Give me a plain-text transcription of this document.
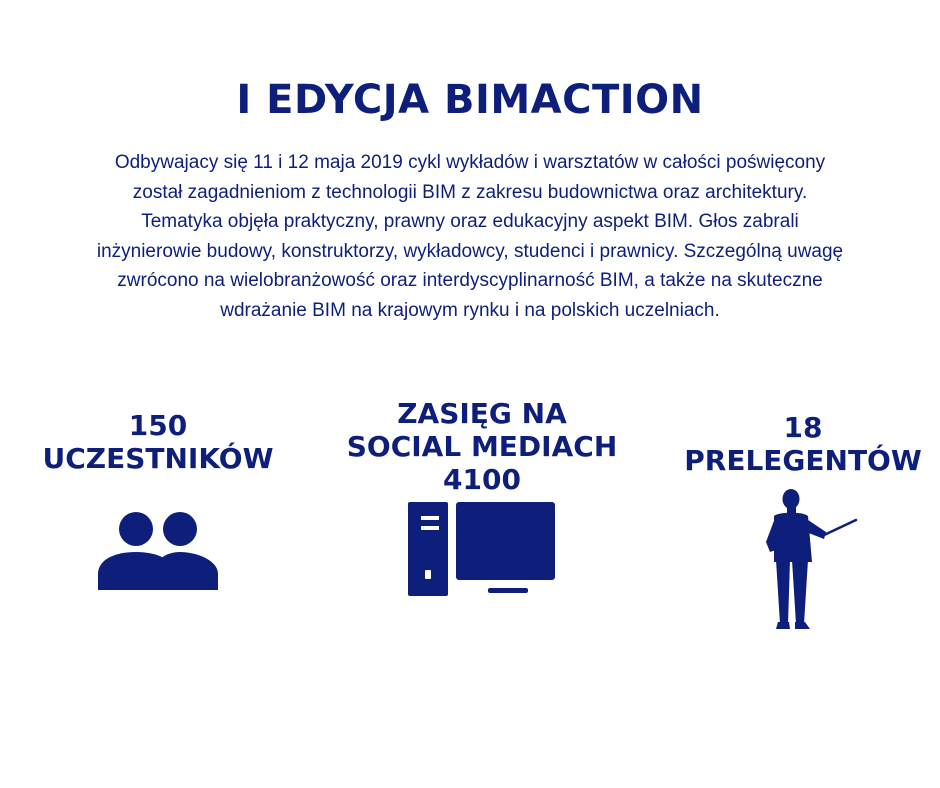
I EDYCJA BIMACTION
Odbywajacy się 11 i 12 maja 2019 cykl wykładów i warsztatów w całości poświęcony został zagadnieniom z technologii BIM z zakresu budownictwa oraz architektury. Tematyka objęła praktyczny, prawny oraz edukacyjny aspekt BIM. Głos zabrali inżynierowie budowy, konstruktorzy, wykładowcy, studenci i prawnicy. Szczególną uwagę zwrócono na wielobranżowość oraz interdyscyplinarność BIM, a także na skuteczne wdrażanie BIM na krajowym rynku i na polskich uczelniach.
150
UCZESTNIKÓW
ZASIĘG NA
SOCIAL MEDIACH
4100
18
PRELEGENTÓW
